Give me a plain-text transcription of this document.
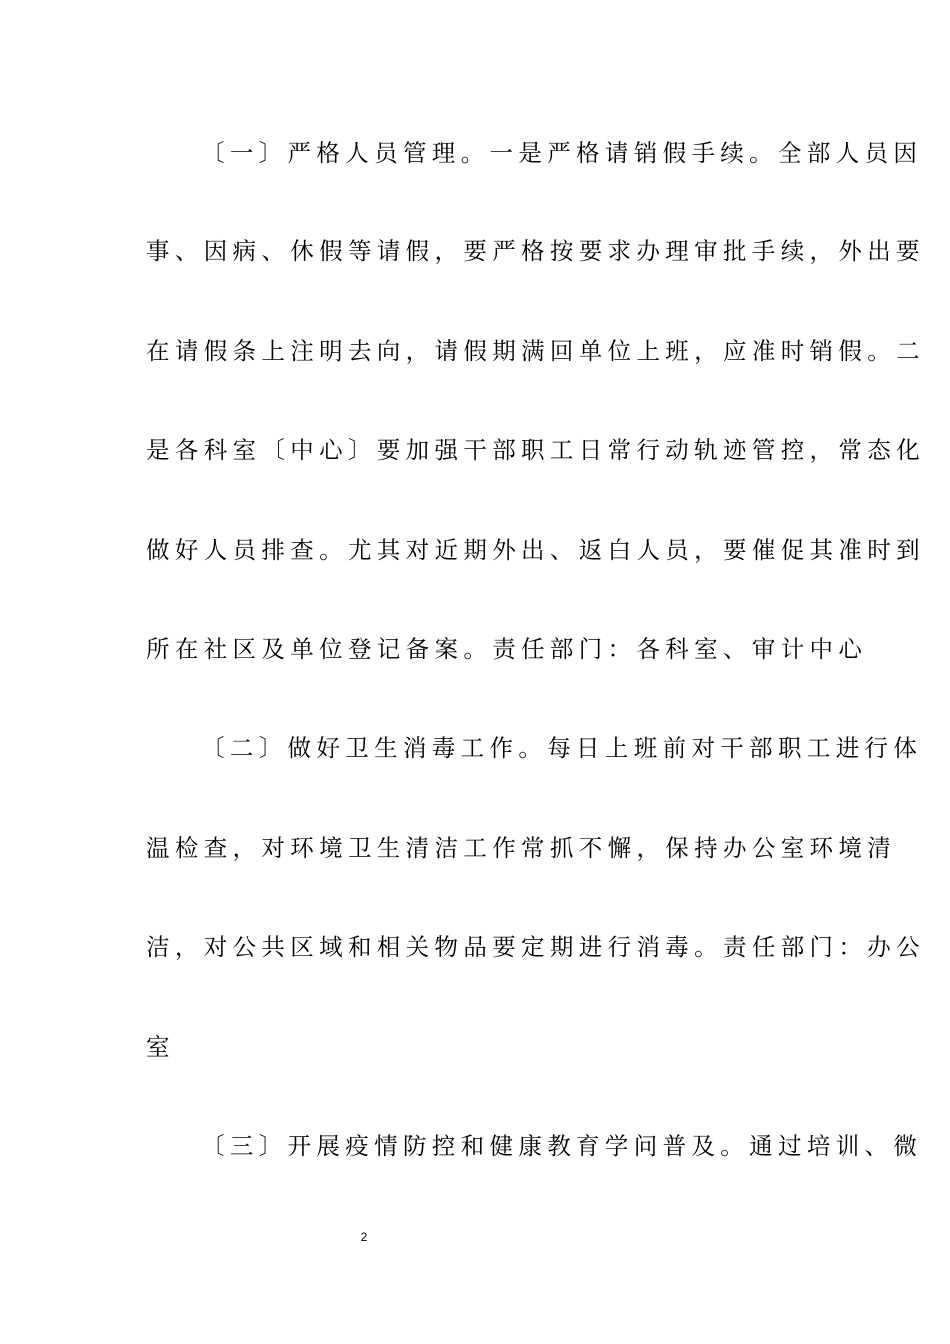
〔一〕严格人员管理。一是严格请销假手续。全部人员因
事、因病、休假等请假，要严格按要求办理审批手续，外出要
在请假条上注明去向，请假期满回单位上班，应准时销假。二
是各科室〔中心〕要加强干部职工日常行动轨迹管控，常态化
做好人员排查。尤其对近期外出、返白人员，要催促其准时到
所在社区及单位登记备案。责任部门：各科室、审计中心
〔二〕做好卫生消毒工作。每日上班前对干部职工进行体
温检查，对环境卫生清洁工作常抓不懈，保持办公室环境清
洁，对公共区域和相关物品要定期进行消毒。责任部门：办公
室
〔三〕开展疫情防控和健康教育学问普及。通过培训、微
2
